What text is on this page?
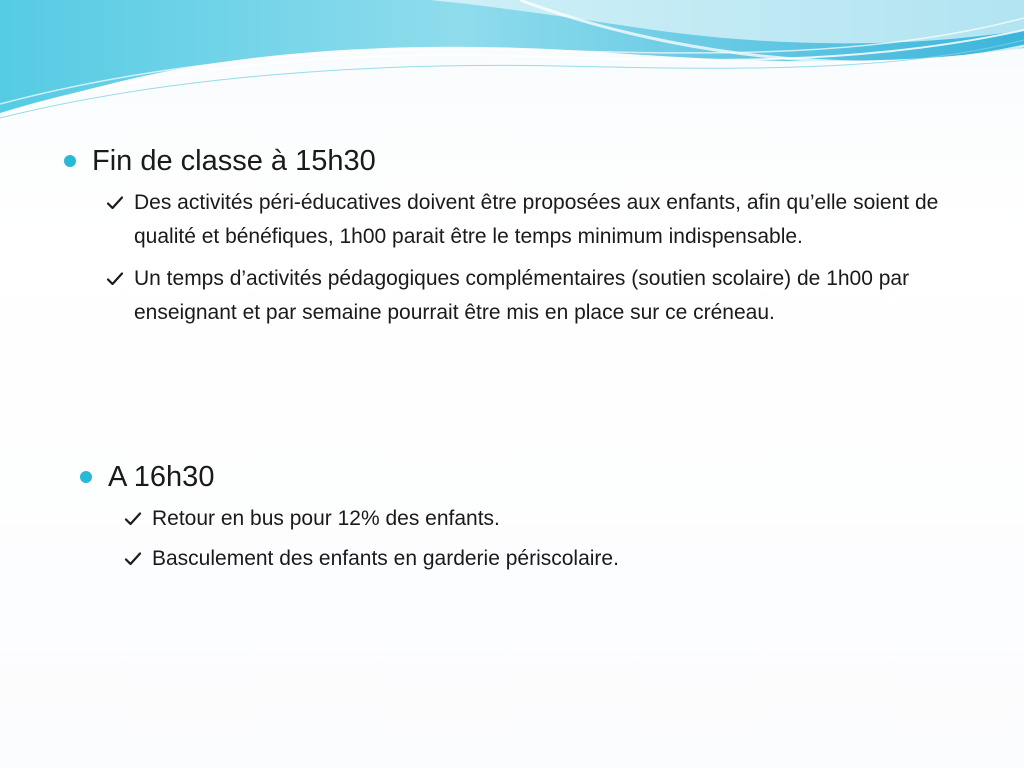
Fin de classe à 15h30
Des activités péri-éducatives doivent être proposées aux enfants, afin qu’elle soient de qualité et bénéfiques, 1h00 parait être le temps minimum indispensable.
Un temps d’activités pédagogiques complémentaires (soutien scolaire) de 1h00 par enseignant et par semaine pourrait être mis en place sur ce créneau.
A 16h30
Retour en bus pour 12% des enfants.
Basculement des enfants en garderie périscolaire.
